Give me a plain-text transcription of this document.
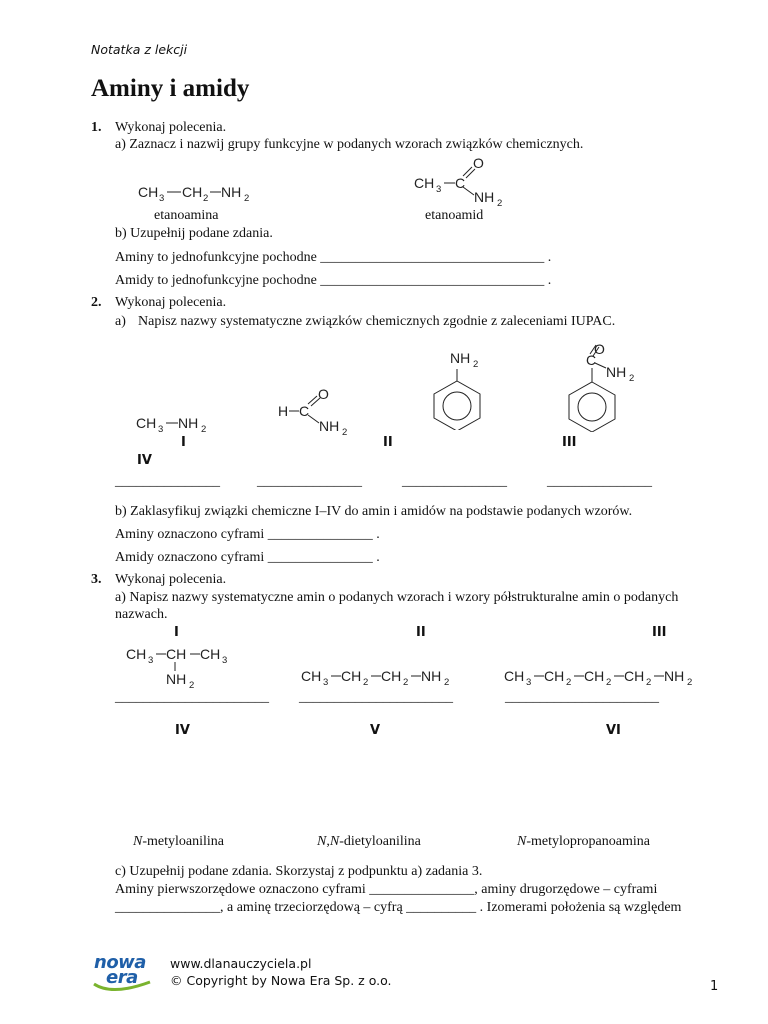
Notatka z lekcji
Aminy i amidy
1. Wykonaj polecenia.
a) Zaznacz i nazwij grupy funkcyjne w podanych wzorach związków chemicznych.
CH 3 CH 2 NH 2
CH 3 C
O
NH 2
etanoamina	etanoamid
b) Uzupełnij podane zdania.
Aminy to jednofunkcyjne pochodne ________________________________ .
Amidy to jednofunkcyjne pochodne ________________________________ .
2. Wykonaj polecenia.
a) Napisz nazwy systematyczne związków chemicznych zgodnie z zaleceniami IUPAC.
CH 3 NH 2
H C
O
NH 2
NH 2
O
C
NH 2
I	II	III
IV
_______________	_______________	_______________	_______________
b) Zaklasyfikuj związki chemiczne I–IV do amin i amidów na podstawie podanych wzorów.
Aminy oznaczono cyframi _______________ .
Amidy oznaczono cyframi _______________ .
3. Wykonaj polecenia.
a) Napisz nazwy systematyczne amin o podanych wzorach i wzory półstrukturalne amin o podanych
nazwach.
I	II	III
CH 3 CH CH 3
NH 2
CH 3 CH 2 CH 2 NH 2	CH 3 CH 2 CH 2 CH 2 NH 2
______________________ ______________________	______________________
IV	V	VI
N-metyloanilina	N,N-dietyloanilina	N-metylopropanoamina
c) Uzupełnij podane zdania. Skorzystaj z podpunktu a) zadania 3.
Aminy pierwszorzędowe oznaczono cyframi _______________, aminy drugorzędowe – cyframi
_______________, a aminę trzeciorzędową – cyfrą __________ . Izomerami położenia są względem
nowa
era
www.dlanauczyciela.pl
© Copyright by Nowa Era Sp. z o.o.	1
